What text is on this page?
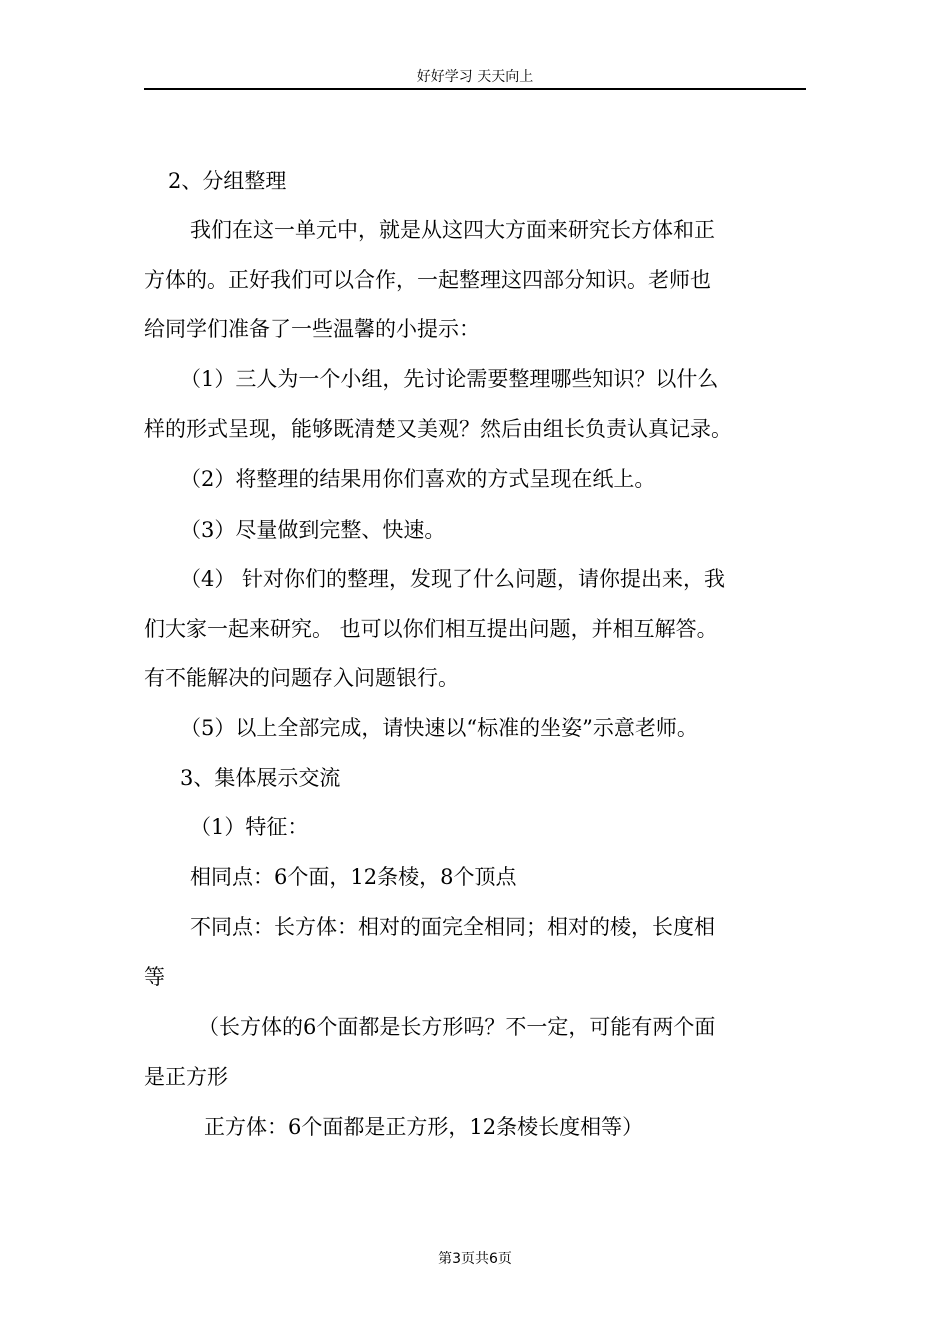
好好学习 天天向上
2、分组整理
我们在这一单元中，就是从这四大方面来研究长方体和正
方体的。正好我们可以合作，一起整理这四部分知识。老师也
给同学们准备了一些温馨的小提示：
（1）三人为一个小组，先讨论需要整理哪些知识？以什么
样的形式呈现，能够既清楚又美观？然后由组长负责认真记录。
（2）将整理的结果用你们喜欢的方式呈现在纸上。
（3）尽量做到完整、快速。
（4） 针对你们的整理，发现了什么问题，请你提出来，我
们大家一起来研究。 也可以你们相互提出问题，并相互解答。
有不能解决的问题存入问题银行。
（5）以上全部完成，请快速以“标准的坐姿”示意老师。
3、集体展示交流
（1）特征：
相同点：6个面，12条棱，8个顶点
不同点：长方体：相对的面完全相同；相对的棱，长度相
等
（长方体的6个面都是长方形吗？不一定，可能有两个面
是正方形
正方体：6个面都是正方形，12条棱长度相等）
第3页共6页
